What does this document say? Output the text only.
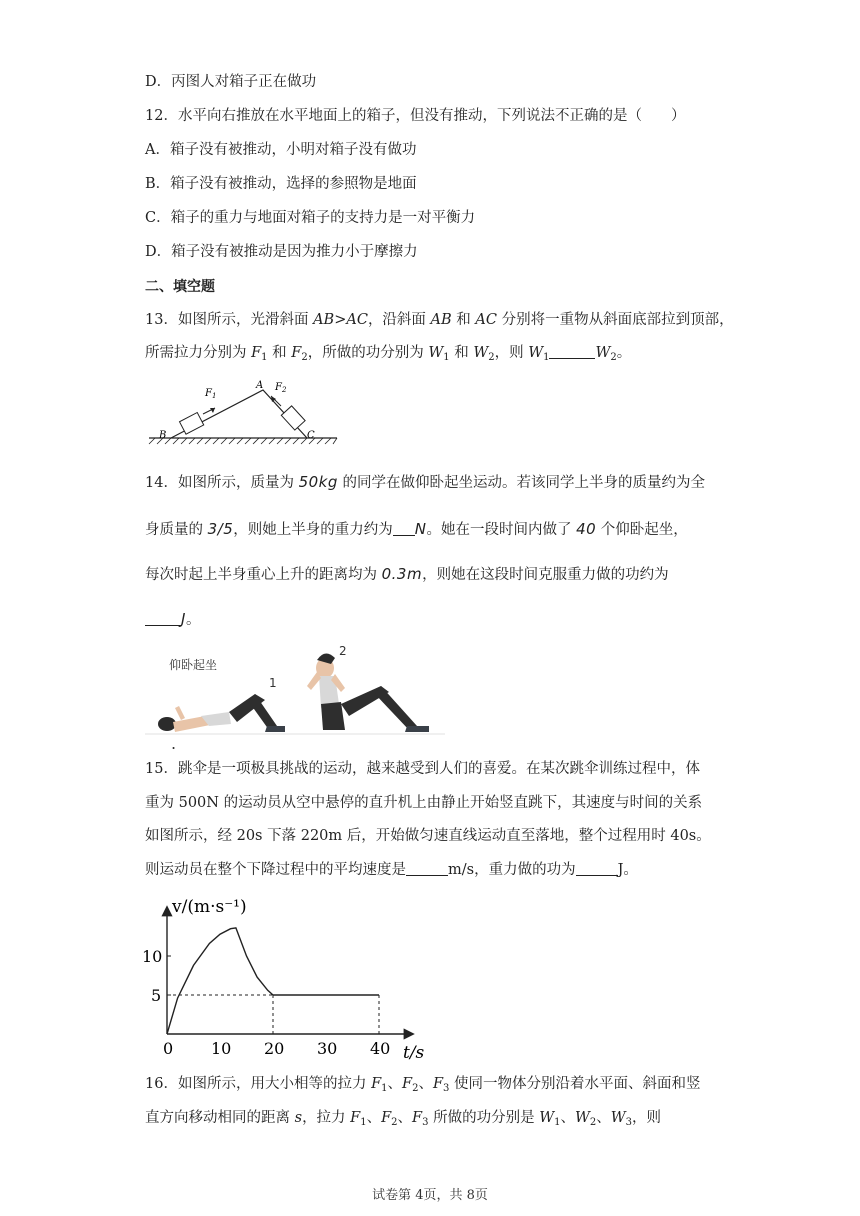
D．丙图人对箱子正在做功
12．水平向右推放在水平地面上的箱子，但没有推动，下列说法不正确的是（　　）
A．箱子没有被推动，小明对箱子没有做功
B．箱子没有被推动，选择的参照物是地面
C．箱子的重力与地面对箱子的支持力是一对平衡力
D．箱子没有被推动是因为推力小于摩擦力
二、填空题
13．如图所示，光滑斜面 AB>AC，沿斜面 AB 和 AC 分别将一重物从斜面底部拉到顶部，
所需拉力分别为 $F_1$ 和 $F_2$，所做的功分别为 $W_1$ 和 $W_2$，则 $W_1$	$W_2$。
$F_1$
$F_2$
A
B	C
14．如图所示，质量为 50kg 的同学在做仰卧起坐运动。若该同学上半身的质量约为全
身质量的 3/5，则她上半身的重力约为 N。她在一段时间内做了 40 个仰卧起坐，
每次时起上半身重心上升的距离均为 0.3m，则她在这段时间克服重力做的功约为
J。
仰卧起坐
1
2
.
15．跳伞是一项极具挑战的运动，越来越受到人们的喜爱。在某次跳伞训练过程中，体
重为 500N 的运动员从空中悬停的直升机上由静止开始竖直跳下，其速度与时间的关系
如图所示，经 20s 下落 220m 后，开始做匀速直线运动直至落地，整个过程用时 40s。
则运动员在整个下降过程中的平均速度是	m/s，重力做的功为	J。
v/(m·s⁻¹)
t/s
0 10 20 30 40
5
10
16．如图所示，用大小相等的拉力 $F_1$、$F_2$、$F_3$ 使同一物体分别沿着水平面、斜面和竖
直方向移动相同的距离 s，拉力 $F_1$、$F_2$、$F_3$ 所做的功分别是 $W_1$、$W_2$、$W_3$，则
试卷第 4页，共 8页
